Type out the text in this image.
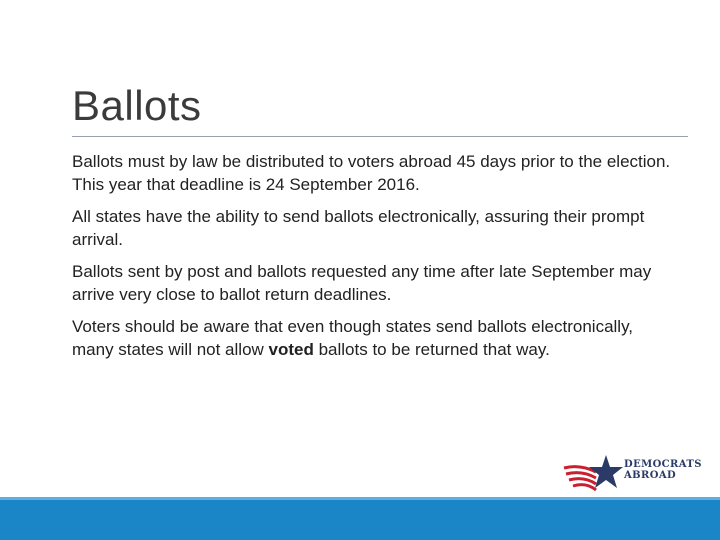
Ballots

Ballots must by law be distributed to voters abroad 45 days prior to the election. This year that deadline is 24 September 2016.

All states have the ability to send ballots electronically, assuring their prompt arrival.

Ballots sent by post and ballots requested any time after late September may arrive very close to ballot return deadlines.

Voters should be aware that even though states send ballots electronically, many states will not allow voted ballots to be returned that way.

DEMOCRATS
ABROAD
